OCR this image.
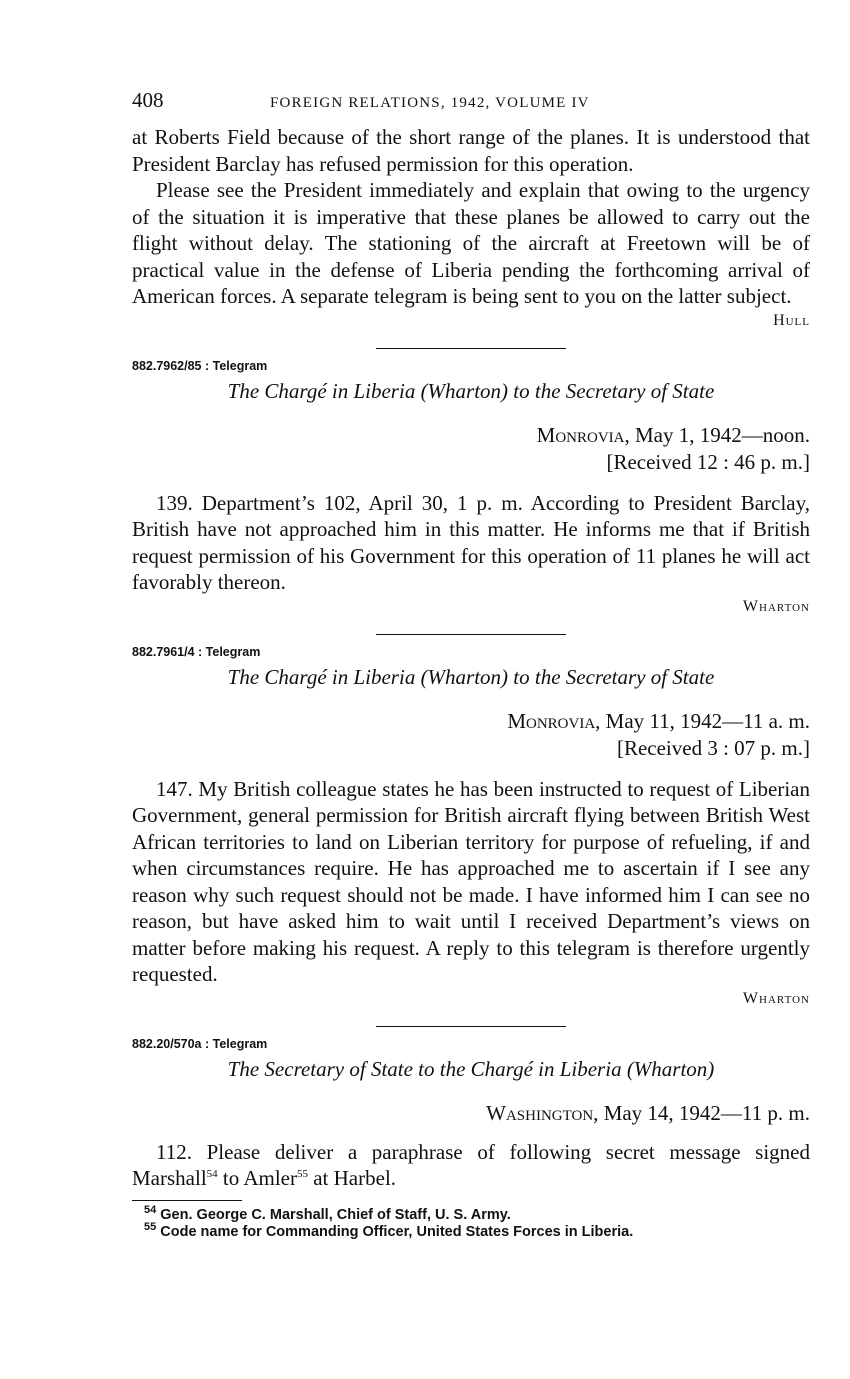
408	FOREIGN RELATIONS, 1942, VOLUME IV

at Roberts Field because of the short range of the planes. It is understood that President Barclay has refused permission for this operation.

Please see the President immediately and explain that owing to the urgency of the situation it is imperative that these planes be allowed to carry out the flight without delay. The stationing of the aircraft at Freetown will be of practical value in the defense of Liberia pending the forthcoming arrival of American forces. A separate telegram is being sent to you on the latter subject.

Hull
882.7962/85 : Telegram
The Chargé in Liberia (Wharton) to the Secretary of State
Monrovia, May 1, 1942—noon.
[Received 12 : 46 p. m.]

139. Department’s 102, April 30, 1 p. m. According to President Barclay, British have not approached him in this matter. He informs me that if British request permission of his Government for this operation of 11 planes he will act favorably thereon.

Wharton
882.7961/4 : Telegram
The Chargé in Liberia (Wharton) to the Secretary of State
Monrovia, May 11, 1942—11 a. m.
[Received 3 : 07 p. m.]

147. My British colleague states he has been instructed to request of Liberian Government, general permission for British aircraft flying between British West African territories to land on Liberian territory for purpose of refueling, if and when circumstances require. He has approached me to ascertain if I see any reason why such request should not be made. I have informed him I can see no reason, but have asked him to wait until I received Department’s views on matter before making his request. A reply to this telegram is therefore urgently requested.

Wharton
882.20/570a : Telegram
The Secretary of State to the Chargé in Liberia (Wharton)
Washington, May 14, 1942—11 p. m.

112. Please deliver a paraphrase of following secret message signed Marshall$^{54}$ to Amler$^{55}$ at Harbel.

$^{54}$ Gen. George C. Marshall, Chief of Staff, U. S. Army.
$^{55}$ Code name for Commanding Officer, United States Forces in Liberia.
